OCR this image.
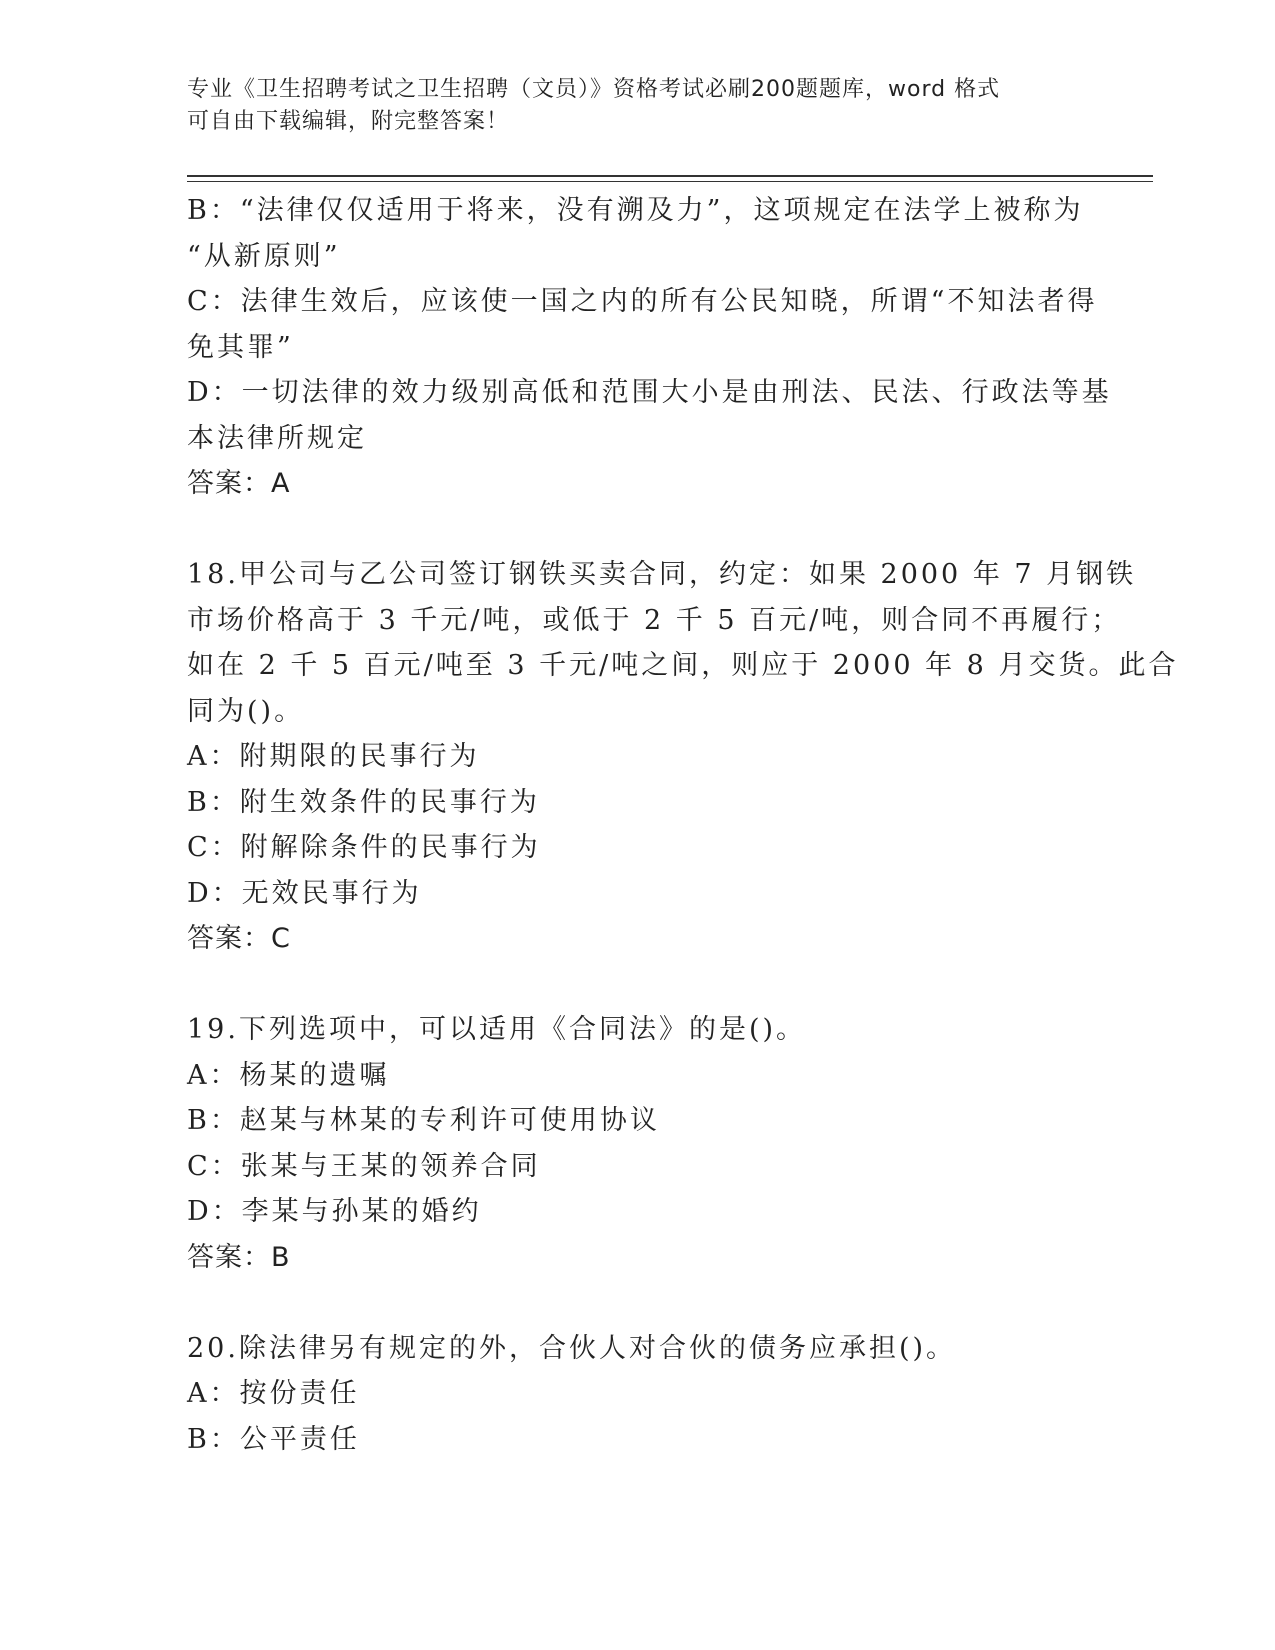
专业《卫生招聘考试之卫生招聘（文员）》资格考试必刷200题题库，word 格式
可自由下载编辑，附完整答案！
B：“法律仅仅适用于将来，没有溯及力”，这项规定在法学上被称为
“从新原则”
C：法律生效后，应该使一国之内的所有公民知晓，所谓“不知法者得
免其罪”
D：一切法律的效力级别高低和范围大小是由刑法、民法、行政法等基
本法律所规定
答案：A
18.甲公司与乙公司签订钢铁买卖合同，约定：如果 2000 年 7 月钢铁
市场价格高于 3 千元/吨，或低于 2 千 5 百元/吨，则合同不再履行；
如在 2 千 5 百元/吨至 3 千元/吨之间，则应于 2000 年 8 月交货。此合
同为()。
A：附期限的民事行为
B：附生效条件的民事行为
C：附解除条件的民事行为
D：无效民事行为
答案：C
19.下列选项中，可以适用《合同法》的是()。
A：杨某的遗嘱
B：赵某与林某的专利许可使用协议
C：张某与王某的领养合同
D：李某与孙某的婚约
答案：B
20.除法律另有规定的外，合伙人对合伙的债务应承担()。
A：按份责任
B：公平责任
